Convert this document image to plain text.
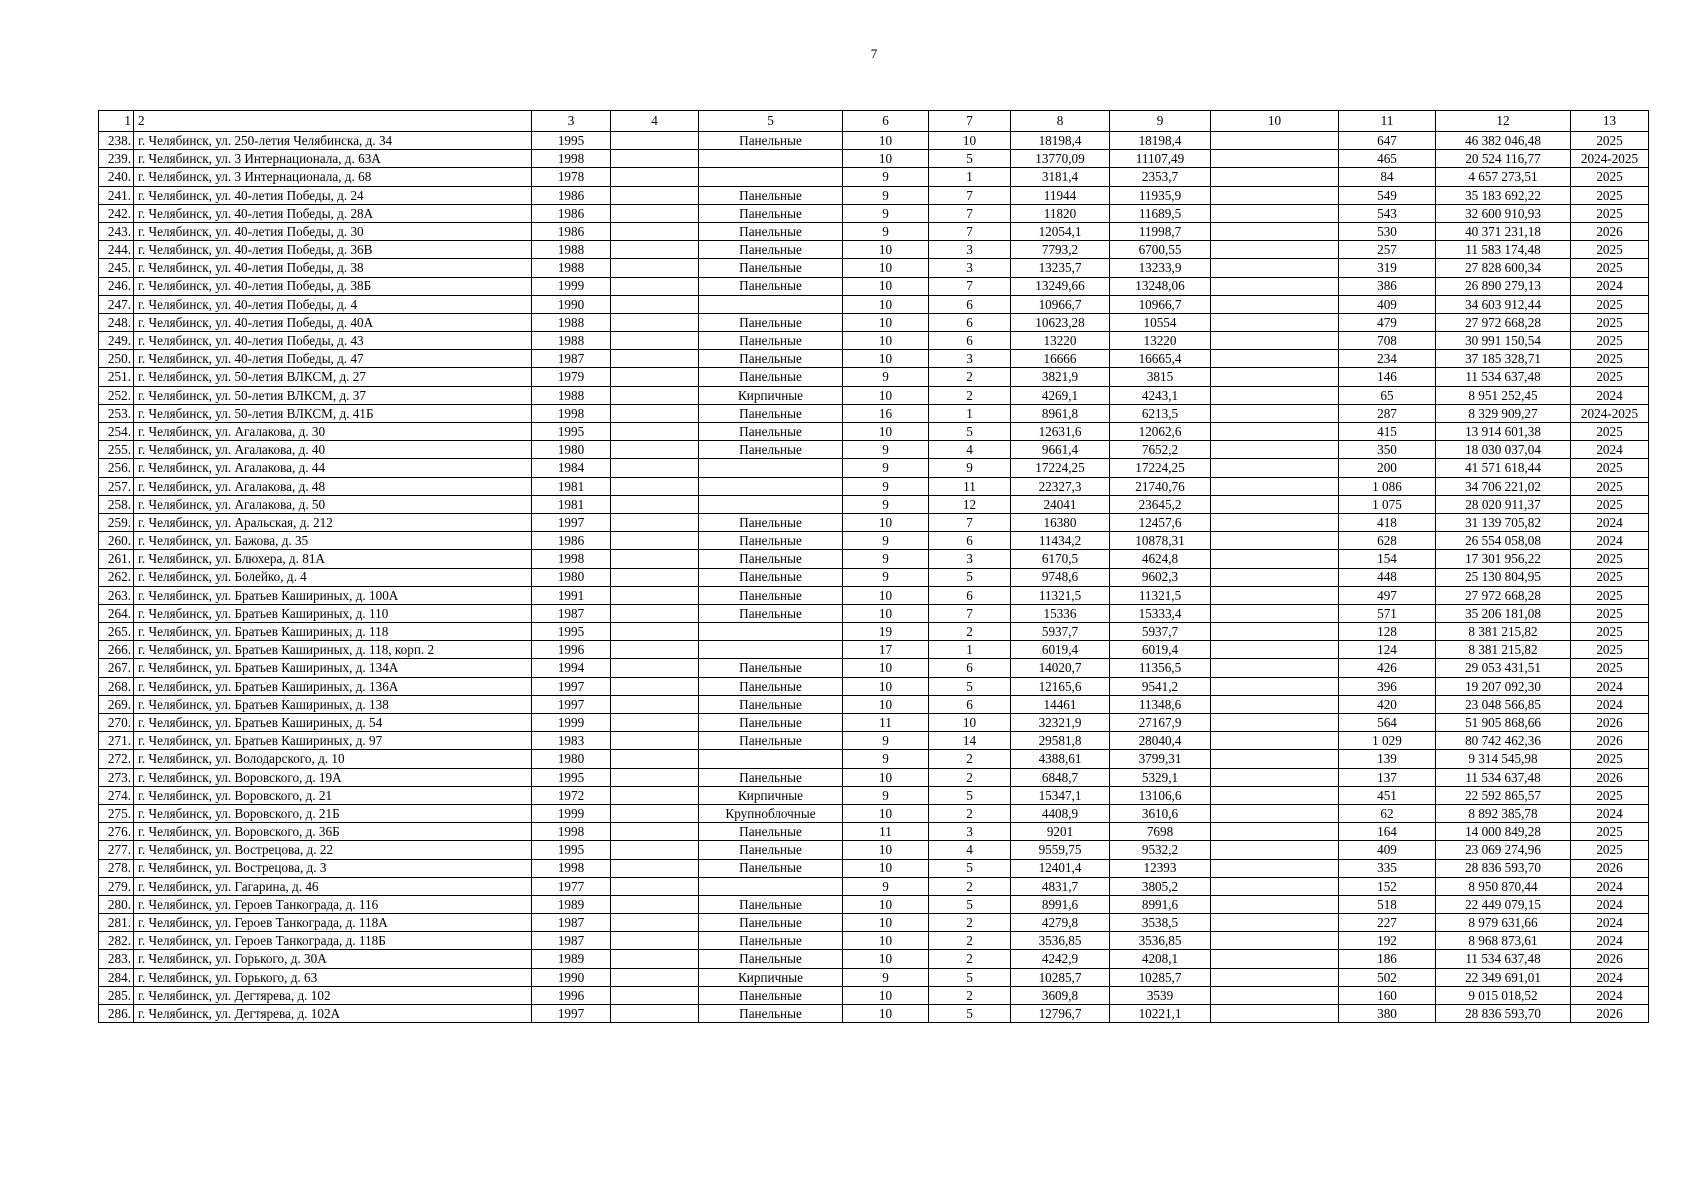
7
1	2	3	4	5	6	7	8	9	10	11	12	13
238.	г. Челябинск, ул. 250-летия Челябинска, д. 34	1995		Панельные	10	10	18198,4	18198,4		647	46 382 046,48	2025
239.	г. Челябинск, ул. 3 Интернационала, д. 63А	1998			10	5	13770,09	11107,49		465	20 524 116,77	2024-2025
240.	г. Челябинск, ул. 3 Интернационала, д. 68	1978			9	1	3181,4	2353,7		84	4 657 273,51	2025
241.	г. Челябинск, ул. 40-летия Победы, д. 24	1986		Панельные	9	7	11944	11935,9		549	35 183 692,22	2025
242.	г. Челябинск, ул. 40-летия Победы, д. 28А	1986		Панельные	9	7	11820	11689,5		543	32 600 910,93	2025
243.	г. Челябинск, ул. 40-летия Победы, д. 30	1986		Панельные	9	7	12054,1	11998,7		530	40 371 231,18	2026
244.	г. Челябинск, ул. 40-летия Победы, д. 36В	1988		Панельные	10	3	7793,2	6700,55		257	11 583 174,48	2025
245.	г. Челябинск, ул. 40-летия Победы, д. 38	1988		Панельные	10	3	13235,7	13233,9		319	27 828 600,34	2025
246.	г. Челябинск, ул. 40-летия Победы, д. 38Б	1999		Панельные	10	7	13249,66	13248,06		386	26 890 279,13	2024
247.	г. Челябинск, ул. 40-летия Победы, д. 4	1990			10	6	10966,7	10966,7		409	34 603 912,44	2025
248.	г. Челябинск, ул. 40-летия Победы, д. 40А	1988		Панельные	10	6	10623,28	10554		479	27 972 668,28	2025
249.	г. Челябинск, ул. 40-летия Победы, д. 43	1988		Панельные	10	6	13220	13220		708	30 991 150,54	2025
250.	г. Челябинск, ул. 40-летия Победы, д. 47	1987		Панельные	10	3	16666	16665,4		234	37 185 328,71	2025
251.	г. Челябинск, ул. 50-летия ВЛКСМ, д. 27	1979		Панельные	9	2	3821,9	3815		146	11 534 637,48	2025
252.	г. Челябинск, ул. 50-летия ВЛКСМ, д. 37	1988		Кирпичные	10	2	4269,1	4243,1		65	8 951 252,45	2024
253.	г. Челябинск, ул. 50-летия ВЛКСМ, д. 41Б	1998		Панельные	16	1	8961,8	6213,5		287	8 329 909,27	2024-2025
254.	г. Челябинск, ул. Агалакова, д. 30	1995		Панельные	10	5	12631,6	12062,6		415	13 914 601,38	2025
255.	г. Челябинск, ул. Агалакова, д. 40	1980		Панельные	9	4	9661,4	7652,2		350	18 030 037,04	2024
256.	г. Челябинск, ул. Агалакова, д. 44	1984			9	9	17224,25	17224,25		200	41 571 618,44	2025
257.	г. Челябинск, ул. Агалакова, д. 48	1981			9	11	22327,3	21740,76		1 086	34 706 221,02	2025
258.	г. Челябинск, ул. Агалакова, д. 50	1981			9	12	24041	23645,2		1 075	28 020 911,37	2025
259.	г. Челябинск, ул. Аральская, д. 212	1997		Панельные	10	7	16380	12457,6		418	31 139 705,82	2024
260.	г. Челябинск, ул. Бажова, д. 35	1986		Панельные	9	6	11434,2	10878,31		628	26 554 058,08	2024
261.	г. Челябинск, ул. Блюхера, д. 81А	1998		Панельные	9	3	6170,5	4624,8		154	17 301 956,22	2025
262.	г. Челябинск, ул. Болейко, д. 4	1980		Панельные	9	5	9748,6	9602,3		448	25 130 804,95	2025
263.	г. Челябинск, ул. Братьев Кашириных, д. 100А	1991		Панельные	10	6	11321,5	11321,5		497	27 972 668,28	2025
264.	г. Челябинск, ул. Братьев Кашириных, д. 110	1987		Панельные	10	7	15336	15333,4		571	35 206 181,08	2025
265.	г. Челябинск, ул. Братьев Кашириных, д. 118	1995			19	2	5937,7	5937,7		128	8 381 215,82	2025
266.	г. Челябинск, ул. Братьев Кашириных, д. 118, корп. 2	1996			17	1	6019,4	6019,4		124	8 381 215,82	2025
267.	г. Челябинск, ул. Братьев Кашириных, д. 134А	1994		Панельные	10	6	14020,7	11356,5		426	29 053 431,51	2025
268.	г. Челябинск, ул. Братьев Кашириных, д. 136А	1997		Панельные	10	5	12165,6	9541,2		396	19 207 092,30	2024
269.	г. Челябинск, ул. Братьев Кашириных, д. 138	1997		Панельные	10	6	14461	11348,6		420	23 048 566,85	2024
270.	г. Челябинск, ул. Братьев Кашириных, д. 54	1999		Панельные	11	10	32321,9	27167,9		564	51 905 868,66	2026
271.	г. Челябинск, ул. Братьев Кашириных, д. 97	1983		Панельные	9	14	29581,8	28040,4		1 029	80 742 462,36	2026
272.	г. Челябинск, ул. Володарского, д. 10	1980			9	2	4388,61	3799,31		139	9 314 545,98	2025
273.	г. Челябинск, ул. Воровского, д. 19А	1995		Панельные	10	2	6848,7	5329,1		137	11 534 637,48	2026
274.	г. Челябинск, ул. Воровского, д. 21	1972		Кирпичные	9	5	15347,1	13106,6		451	22 592 865,57	2025
275.	г. Челябинск, ул. Воровского, д. 21Б	1999		Крупноблочные	10	2	4408,9	3610,6		62	8 892 385,78	2024
276.	г. Челябинск, ул. Воровского, д. 36Б	1998		Панельные	11	3	9201	7698		164	14 000 849,28	2025
277.	г. Челябинск, ул. Вострецова, д. 22	1995		Панельные	10	4	9559,75	9532,2		409	23 069 274,96	2025
278.	г. Челябинск, ул. Вострецова, д. 3	1998		Панельные	10	5	12401,4	12393		335	28 836 593,70	2026
279.	г. Челябинск, ул. Гагарина, д. 46	1977			9	2	4831,7	3805,2		152	8 950 870,44	2024
280.	г. Челябинск, ул. Героев Танкограда, д. 116	1989		Панельные	10	5	8991,6	8991,6		518	22 449 079,15	2024
281.	г. Челябинск, ул. Героев Танкограда, д. 118А	1987		Панельные	10	2	4279,8	3538,5		227	8 979 631,66	2024
282.	г. Челябинск, ул. Героев Танкограда, д. 118Б	1987		Панельные	10	2	3536,85	3536,85		192	8 968 873,61	2024
283.	г. Челябинск, ул. Горького, д. 30А	1989		Панельные	10	2	4242,9	4208,1		186	11 534 637,48	2026
284.	г. Челябинск, ул. Горького, д. 63	1990		Кирпичные	9	5	10285,7	10285,7		502	22 349 691,01	2024
285.	г. Челябинск, ул. Дегтярева, д. 102	1996		Панельные	10	2	3609,8	3539		160	9 015 018,52	2024
286.	г. Челябинск, ул. Дегтярева, д. 102А	1997		Панельные	10	5	12796,7	10221,1		380	28 836 593,70	2026
